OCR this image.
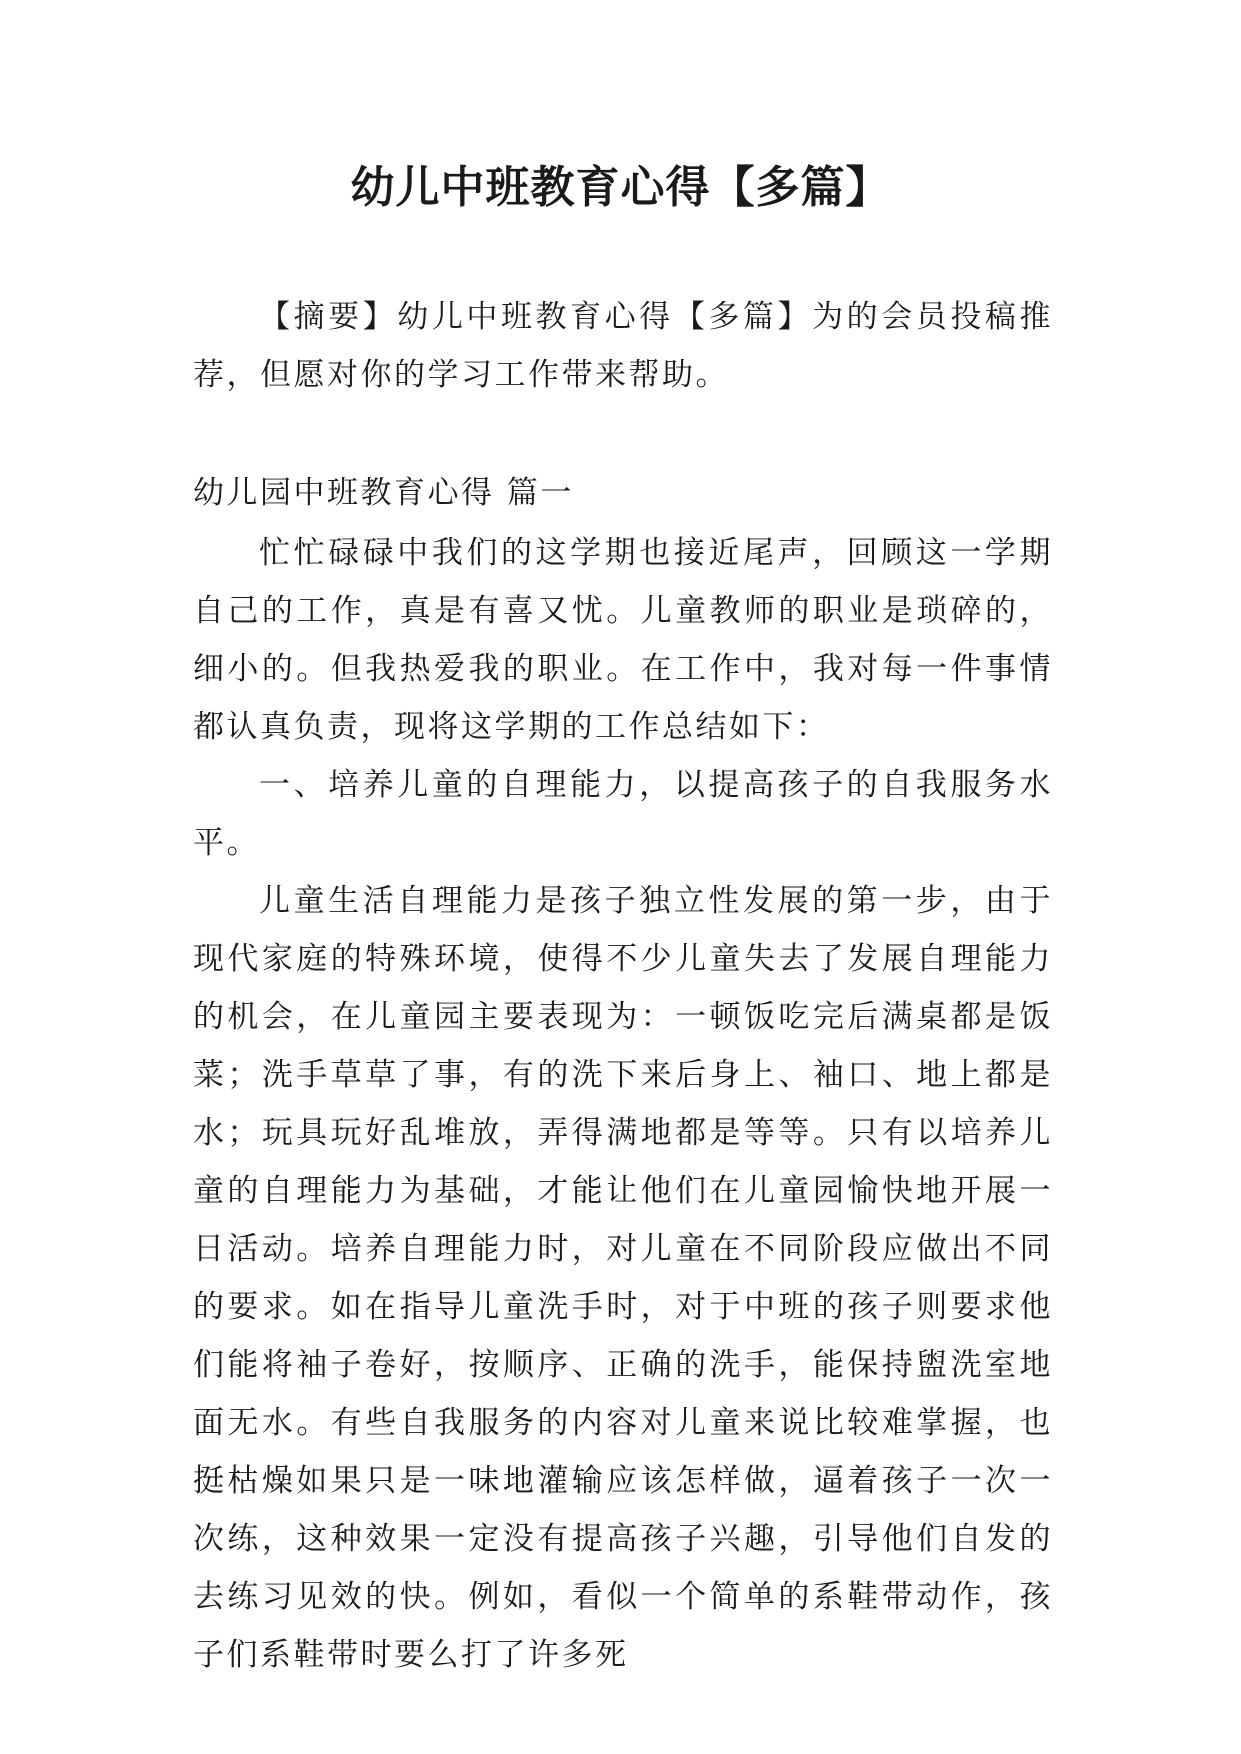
幼儿中班教育心得【多篇】

【摘要】幼儿中班教育心得【多篇】为的会员投稿推荐，但愿对你的学习工作带来帮助。

幼儿园中班教育心得 篇一

忙忙碌碌中我们的这学期也接近尾声，回顾这一学期自己的工作，真是有喜又忧。儿童教师的职业是琐碎的，细小的。但我热爱我的职业。在工作中，我对每一件事情都认真负责，现将这学期的工作总结如下：

一、培养儿童的自理能力，以提高孩子的自我服务水平。

儿童生活自理能力是孩子独立性发展的第一步，由于现代家庭的特殊环境，使得不少儿童失去了发展自理能力的机会，在儿童园主要表现为：一顿饭吃完后满桌都是饭菜；洗手草草了事，有的洗下来后身上、袖口、地上都是水；玩具玩好乱堆放，弄得满地都是等等。只有以培养儿童的自理能力为基础，才能让他们在儿童园愉快地开展一日活动。培养自理能力时，对儿童在不同阶段应做出不同的要求。如在指导儿童洗手时，对于中班的孩子则要求他们能将袖子卷好，按顺序、正确的洗手，能保持盥洗室地面无水。有些自我服务的内容对儿童来说比较难掌握，也挺枯燥如果只是一味地灌输应该怎样做，逼着孩子一次一次练，这种效果一定没有提高孩子兴趣，引导他们自发的去练习见效的快。例如，看似一个简单的系鞋带动作，孩子们系鞋带时要么打了许多死
